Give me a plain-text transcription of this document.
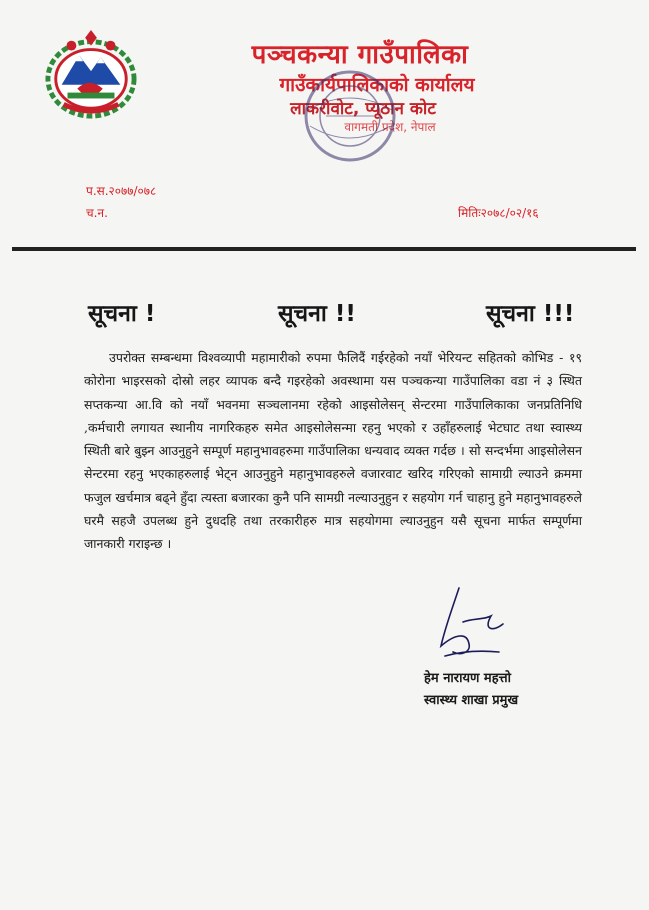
पञ्चकन्या गाउँपालिका
गाउँकार्यपालिकाको कार्यालय
लाकरीवोट, प्यूठान कोट
वागमती प्रदेश, नेपाल
प.स.२०७७/०७८
च.न.	मितिः२०७८/०२/१६
सूचना !	सूचना !!	सूचना !!!
उपरोक्त सम्बन्धमा विश्वव्यापी महामारीको रुपमा फैलिदैं गईरहेको नयाँ भेरियन्ट सहितको कोभिड - १९ कोरोना भाइरसको दोस्रो लहर व्यापक बन्दै गइरहेको अवस्थामा यस पञ्चकन्या गाउँपालिका वडा नं ३ स्थित सप्तकन्या आ.वि को नयाँ भवनमा सञ्चलानमा रहेको आइसोलेसन् सेन्टरमा गाउँपालिकाका जनप्रतिनिधि ,कर्मचारी लगायत स्थानीय नागरिकहरु समेत आइसोलेसन्मा रहनु भएको र उहाँहरुलाई भेटघाट तथा स्वास्थ्य स्थिती बारे बुझ्न आउनुहुने सम्पूर्ण महानुभावहरुमा गाउँपालिका धन्यवाद व्यक्त गर्दछ । सो सन्दर्भमा आइसोलेसन सेन्टरमा रहनु भएकाहरुलाई भेट्न आउनुहुने महानुभावहरुले वजारवाट खरिद गरिएको सामाग्री ल्याउने क्रममा फजुल खर्चमात्र बढ्ने हुँदा त्यस्ता बजारका कुनै पनि सामग्री नल्याउनुहुन र सहयोग गर्न चाहानु हुने महानुभावहरुले घरमै सहजै उपलब्ध हुने दुधदहि तथा तरकारीहरु मात्र सहयोगमा ल्याउनुहुन यसै सूचना मार्फत सम्पूर्णमा जानकारी गराइन्छ ।
हेम नारायण महत्तो
स्वास्थ्य शाखा प्रमुख
